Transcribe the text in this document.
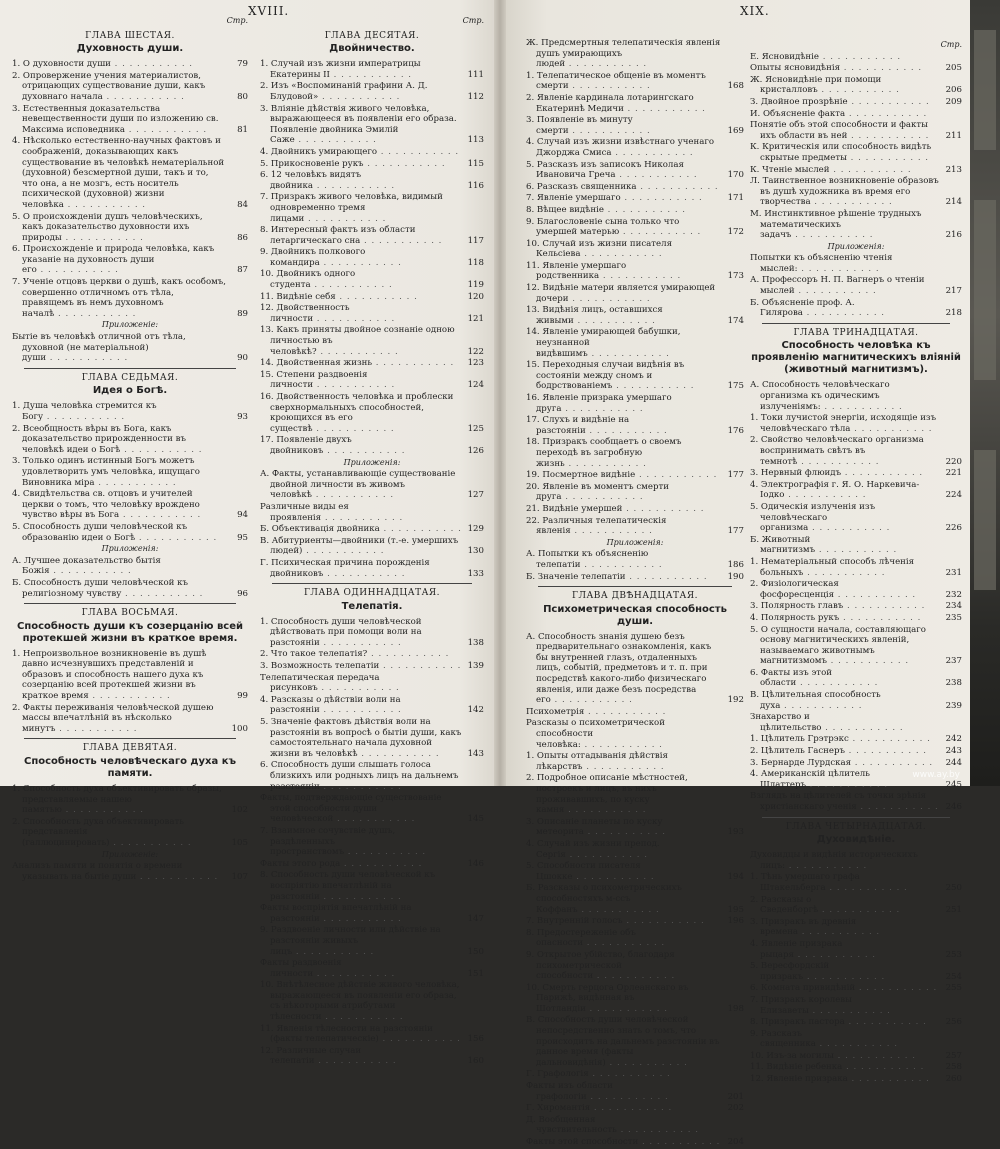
XVIII.
Стр.
ГЛАВА ШЕСТАЯ.
Духовность души.
1. О духовности души . . .	79
2. Опровержение учения материалистов, отрицающих существование души, какъ духовнаго начала . . .	80
3. Естественныя доказательства невещественности души по изложению св. Максима исповедника . . .	81
4. Нѣсколько естественно-научных фактовъ и соображеній, доказывающих какъ существование въ человѣкѣ нематеріальной (духовной) безсмертной души, такъ и то, что она, а не мозгъ, есть носитель психической (духовной) жизни человѣка . . .	84
5. О происхожденіи душъ человѣческихъ, какъ доказательство духовности ихъ природы . . .	86
6. Происхожденіе и природа человѣка, какъ указаніе на духовность души его . . .	87
7. Ученіе отцовъ церкви о душѣ, какъ особомъ, совершенно отличномъ отъ тѣла, правящемъ въ немъ духовномъ началѣ . . .	89
Приложеніе:
Бытіе въ человѣкѣ отличной отъ тѣла, духовной (не матеріальной) души . . .	90
ГЛАВА СЕДЬМАЯ.
Идея о Богѣ.
1. Душа человѣка стремится къ Богу . . .	93
2. Всеобщность вѣры въ Бога, какъ доказательство прирожденности въ человѣкѣ идеи о Богѣ . . .
3. Только одинъ истинный Богъ можетъ удовлетворить умъ человѣка, ищущаго Виновника міра . . .
4. Свидѣтельства св. отцовъ и учителей церкви о томъ, что человѣку врождено чувство вѣры въ Бога . . .	94
5. Способность души человѣческой къ образованію идеи о Богѣ . . .	95
Приложенія:
А. Лучшее доказательство бытія Божія . . .
Б. Способность души человѣческой къ религіозному чувству . . .	96
ГЛАВА ВОСЬМАЯ.
Способность души къ созерцанію всей протекшей жизни въ краткое время.
1. Непроизвольное возникновеніе въ душѣ давно исчезнувшихъ представленій и образовъ и способность нашего духа къ созерцанію всей протекшей жизни въ краткое время . . .	99
2. Факты переживанія человѣческой душею массы впечатлѣній въ нѣсколько минутъ . . .	100
ГЛАВА ДЕВЯТАЯ.
Способность человѣческаго духа къ памяти.
1. Способность духа объективировать образы, представляемые нашею памятью . . .	102
2. Способность духа объективировать представленія (галлюцинировать) . . .	105
Приложеніе:
Анализъ памяти и понятія о времени указывать на бытіе души . . .	107
Стр.
ГЛАВА ДЕСЯТАЯ.
Двойничество.
1. Случай изъ жизни императрицы Екатерины II . . .	111
2. Изъ «Воспоминаній графини А. Д. Блудовой» . . .	112
3. Вліяніе дѣйствія живого человѣка, выражающееся въ появленіи его образа. Появленіе двойника Эмилій Саже . . .	113
4. Двойникъ умирающего . . .
5. Прикосновеніе рукъ . . .	115
6. 12 человѣкъ видятъ двойника . . .	116
7. Призракъ живого человѣка, видимый одновременно тремя лицами . . .
8. Интересный фактъ изъ области летаргическаго сна . . .	117
9. Двойникъ полкового командира . . .	118
10. Двойникъ одного студента . . .	119
11. Видѣніе себя . . .	120
12. Двойственность личности . . .	121
13. Какъ приняты двойное сознаніе одною личностью въ человѣкѣ? . . .	122
14. Двойственная жизнь . . .	123
15. Степени раздвоенія личности . . .	124
16. Двойственность человѣка и проблески сверхнормальныхъ способностей, кроющихся въ его существѣ . . .	125
17. Появленіе двухъ двойниковъ . . .	126
Приложенія:
А. Факты, устанавливающіе существованіе двойной личности въ живомъ человѣкѣ . . .	127
Различные виды ея проявленія . . .
Б. Объективація двойника . . .	129
В. Абитуриенты—двойники (т.-е. умершихъ людей) . . .	130
Г. Психическая причина порожденія двойниковъ . . .	133
ГЛАВА ОДИННАДЦАТАЯ.
Телепатія.
1. Способность души человѣческой дѣйствовать при помощи воли на разстояніи . . .	138
2. Что такое телепатія? . . .
3. Возможность телепатіи . . .	139
Телепатическая передача рисунковъ . . .
4. Разсказы о дѣйствіи воли на разстояніи . . .	142
5. Значеніе фактовъ дѣйствія воли на разстояніи въ вопросѣ о бытіи души, какъ самостоятельнаго начала духовной жизни въ человѣкѣ . . .	143
6. Способность души слышать голоса близкихъ или родныхъ лицъ на дальнемъ разстояніи . . .
Факты, подтверждающіе существованіе этой способности души человѣческой . . .	145
7. Взаимное сочувствіе душъ, раздѣленныхъ пространствомъ . . .
Факты этого рода . . .	146
8. Способность души человѣческой къ воспріятію впечатлѣній на разстояніи . . .
Факты воспріятія впечатлѣній на разстояніи . . .	147
9. Раздвоеніе личности или дѣйствіе на разстояніи живыхъ лицъ . . .	150
Факты раздвоенія личности . . .	151
10. Внѣтѣлесное дѣйствіе живого человѣка, выражающееся въ появленіи его образа, съ нѣкоторыми атрибутами тѣлесности . . .
11. Явленія тѣлесности на разстояніи (факты телепатическіе) . . .	156
12. Различные случаи телепатіи . . .	160
XIX.
Ж. Предсмертныя телепатическія явленія душъ умирающихъ людей . . .
1. Телепатическое общеніе въ моментъ смерти . . .	168
2. Явленіе кардинала лотарингскаго Екатеринѣ Медичи . . .
3. Появленіе въ минуту смерти . . .	169
4. Случай изъ жизни извѣстнаго ученаго Джорджа Смиса . . .
5. Разсказъ изъ записокъ Николая Ивановича Греча . . .	170
6. Разсказъ священника . . .
7. Явленіе умершаго . . .	171
8. Вѣщее видѣніе . . .
9. Благословеніе сына только что умершей матерью . . .	172
10. Случай изъ жизни писателя Кельсіева . . .
11. Явленіе умершаго родственника . . .	173
12. Видѣніе матери является умирающей дочери . . .
13. Видѣнія лицъ, оставшихся живыми . . .	174
14. Явленіе умирающей бабушки, неузнанной видѣвшимъ . . .
15. Переходныя случаи видѣнія въ состояніи между сномъ и бодрствованіемъ . . .	175
16. Явленіе призрака умершаго друга . . .
17. Слухъ и видѣніе на разстояніи . . .	176
18. Призракъ сообщаетъ о своемъ переходѣ въ загробную жизнь . . .
19. Посмертное видѣніе . . .	177
20. Явленіе въ моментъ смерти друга . . .
21. Видѣніе умершей . . .
22. Различныя телепатическія явленія . . .	177
Приложенія:
А. Попытки къ объясненію телепатіи . . .	186
Б. Значеніе телепатіи . . .	190
ГЛАВА ДВѢНАДЦАТАЯ.
Психометрическая способность души.
А. Способность знанія душею безъ предварительнаго ознакомленія, какъ бы внутренней глазъ, отдаленныхъ лицъ, событій, предметовъ и т. п. при посредствѣ какого-либо физическаго явленія, или даже безъ посредства его . . .	192
Психометрія . . .
Разсказы о психометрической способности человѣка: . . .
1. Опыты отгадыванія дѣйствія лѣкарствъ . . .
2. Подробное описаніе мѣстностей, построекъ и лицъ, въ нихъ проживавшихъ, по куску камня . . .
3. Описаніе планеты по куску метеорита . . .	193
4. Случай изъ жизни препод. Сергія . . .
5. Способности писателя Цшокке . . .	194
Б. Разсказы о психометрическихъ способностяхъ м-ссъ Коффанъ . . .	195
7. Внутренній голосъ . . .	196
8. Предостереженіе объ опасности . . .
9. Открытое убійство, благодаря психометрической способности . . .
10. Смерть герцога Орлеанскаго въ Парижѣ, видѣнная въ Шотландіи . . .	198
В. Способность души человѣческой непосредственно знать о томъ, что происходитъ на дальнемъ разстояніи въ данное время (факты дальновидѣнія) . . .
Г. Графологія . . .
Факты изъ области графологіи . . .	201
Г. Хиромантія . . .	202
Д. Вообщенная чувствительность . . .
Факты этой способности . . .	204
Стр.
Е. Ясновидѣніе . . .
Опыты ясновидѣнія . . .	205
Ж. Ясновидѣніе при помощи кристалловъ . . .	206
З. Двойное прозрѣніе . . .	209
И. Объясненіе факта . . .
Понятіе объ этой способности и факты ихъ области въ ней . . .	211
К. Критическія или способность видѣть скрытые предметы . . .
К. Чтеніе мыслей . . .	213
Л. Таинственное возникновеніе образовъ въ душѣ художника въ время его творчества . . .	214
М. Инстинктивное рѣшеніе трудныхъ математическихъ задачъ . . .	216
Приложенія:
Попытки къ объясненію чтенія мыслей: . . .
А. Профессоръ Н. П. Вагнеръ о чтеніи мыслей . . .	217
Б. Объясненіе проф. А. Гилярова . . .	218
ГЛАВА ТРИНАДЦАТАЯ.
Способность человѣка къ проявленію магнитическихъ вліяній (животный магнитизмъ).
А. Способность человѣческаго организма къ одическимъ излученіямъ: . . .
1. Токи лучистой энергіи, исходящіе изъ человѣческаго тѣла . . .
2. Свойство человѣческаго организма воспринимать свѣтъ въ темнотѣ . . .	220
3. Нервный флюидъ . . .	221
4. Электрографія г. Я. О. Наркевича-Іодко . . .	224
5. Одическія излученія изъ человѣческаго организма . . .	226
Б. Животный магнитизмъ . . .
1. Нематеріальный способъ лѣченія больныхъ . . .	231
2. Физіологическая фосфоресценція . . .	232
3. Полярность главъ . . .	234
4. Полярность рукъ . . .	235
5. О сущности начала, составляющаго основу магнитическихъ явленій, называемаго животнымъ магнитизмомъ . . .	237
6. Факты изъ этой области . . .	238
В. Цѣлительная способность духа . . .	239
Знахарство и цѣлительство . . .
1. Цѣлитель Грэтрэкс . . .	242
2. Цѣлитель Гаснеръ . . .	243
3. Бернарде Лурдская . . .	244
4. Американскій цѣлитель Шлаттеръ . . .	245
Взглядъ на цѣлителей съ точки зрѣнія христіанскаго ученія . . .	246
ГЛАВА ЧЕТЫРНАДЦАТАЯ.
Духовидѣніе.
Духовидцы и видѣнія историческихъ лицъ: . . .
1. Тѣнь умершаго графа Штакельберга . . .	250
2. Разсказы о Сведенборгѣ . . .	251
3. Призракъ въ древнія времена . . .
4. Явленіе призрака рыцаря . . .	253
5. Вересфордскій призракъ . . .	254
6. Комната привидѣній . . .	255
7. Призракъ королевы Елизаветы . . .
8. Призракъ пастора . . .	256
9. Разсказъ священника . . .
10. Изъ-за могилы . . .	257
11. Видѣніе ребенка . . .	258
12. Явленіе призрака . . .	260
www.ay.by
